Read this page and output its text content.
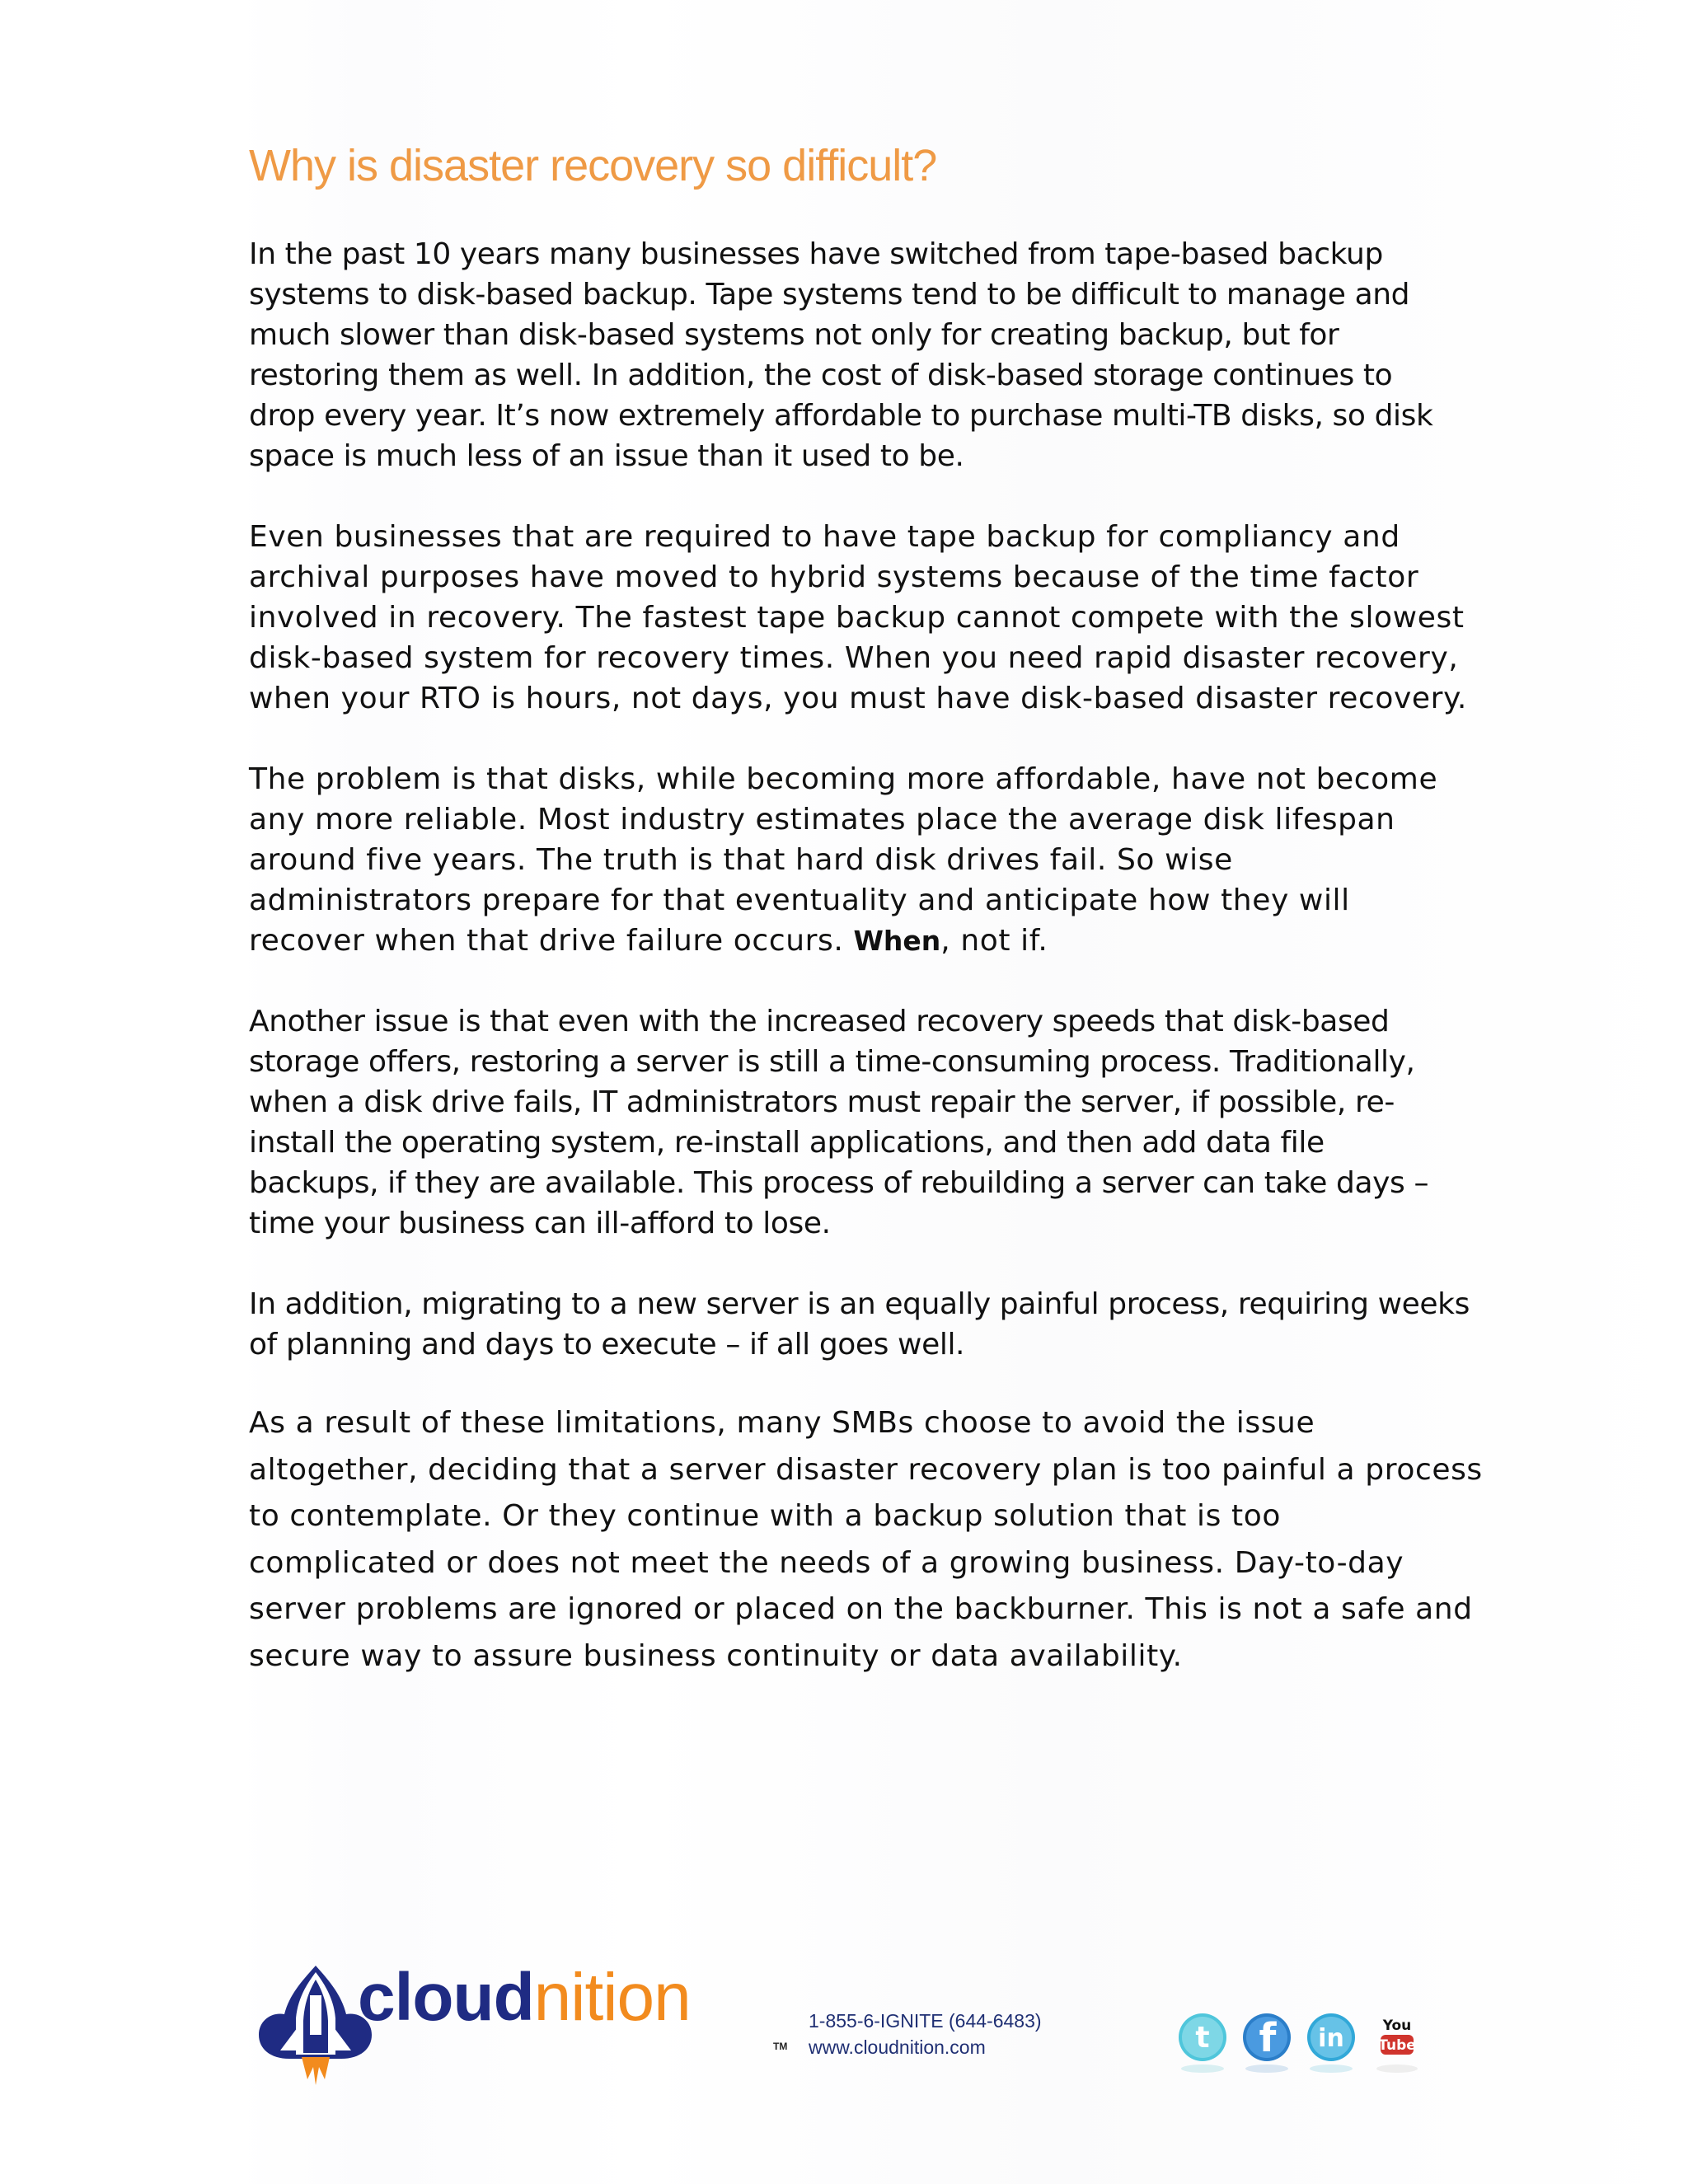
Why is disaster recovery so difficult?

In the past 10 years many businesses have switched from tape-based backup
systems to disk-based backup. Tape systems tend to be difficult to manage and
much slower than disk-based systems not only for creating backup, but for
restoring them as well. In addition, the cost of disk-based storage continues to
drop every year. It’s now extremely affordable to purchase multi-TB disks, so disk
space is much less of an issue than it used to be.

Even businesses that are required to have tape backup for compliancy and
archival purposes have moved to hybrid systems because of the time factor
involved in recovery. The fastest tape backup cannot compete with the slowest
disk-based system for recovery times. When you need rapid disaster recovery,
when your RTO is hours, not days, you must have disk-based disaster recovery.

The problem is that disks, while becoming more affordable, have not become
any more reliable. Most industry estimates place the average disk lifespan
around five years. The truth is that hard disk drives fail. So wise
administrators prepare for that eventuality and anticipate how they will
recover when that drive failure occurs. When, not if.

Another issue is that even with the increased recovery speeds that disk-based
storage offers, restoring a server is still a time-consuming process. Traditionally,
when a disk drive fails, IT administrators must repair the server, if possible, re-
install the operating system, re-install applications, and then add data file
backups, if they are available. This process of rebuilding a server can take days –
time your business can ill-afford to lose.

In addition, migrating to a new server is an equally painful process, requiring weeks
of planning and days to execute – if all goes well.

As a result of these limitations, many SMBs choose to avoid the issue
altogether, deciding that a server disaster recovery plan is too painful a process
to contemplate. Or they continue with a backup solution that is too
complicated or does not meet the needs of a growing business. Day-to-day
server problems are ignored or placed on the backburner. This is not a safe and
secure way to assure business continuity or data availability.

cloudnition
TM
1-855-6-IGNITE (644-6483)
www.cloudnition.com	t f in	You
Tube
